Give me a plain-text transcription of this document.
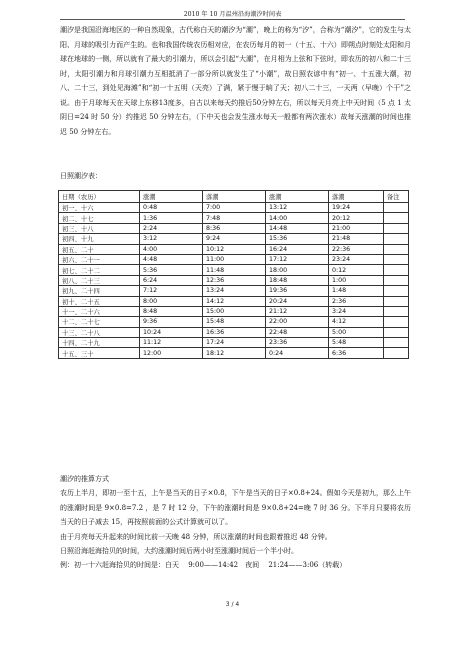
2010 年 10 月温州沿海潮汐时间表

潮汐是我国沿海地区的一种自然现象，古代称白天的潮汐为“潮”，晚上的称为“汐”，合称为“潮汐”，它的发生与太阳、月球的吸引力而产生的。也和我国传统农历相对应，在农历每月的初一（十五、十六）即朔点时刻处太阳和月球在地球的一侧，所以就有了最大的引潮力，所以会引起“大潮”，在月相为上弦和下弦时，即农历的初八和二十三时，太阳引潮力和月球引潮力互相抵消了一部分所以就发生了“小潮”，故日照农谚中有“初一、十五涨大潮，初八、二十三，到处见海滩”和“初一十五明（天亮）了满，紧于慢于晌了天；初八二十三，一天两（早晚）个干”之说。由于月球每天在天球上东移13度多，自古以来每天约推后50分钟左右，所以每天月亮上中天时间（5 点 1 太阴日=24 时 50 分）约推迟 50 分钟左右，（下中天也会发生涨水每天一般都有两次涨水）故每天涨潮的时间也推迟 50 分钟左右。

日照潮汐表：
日期（农历）	涨潮	落潮	涨潮	落潮	备注
初一、十六	0:48	7:00	13:12	19:24	
初二、十七	1:36	7:48	14:00	20:12	
初三、十八	2:24	8:36	14:48	21:00	
初四、十九	3:12	9:24	15:36	21:48	
初五、二十	4:00	10:12	16:24	22:36	
初六、二十一	4:48	11:00	17:12	23:24	
初七、二十二	5:36	11:48	18:00	0:12	
初八、二十三	6:24	12:36	18:48	1:00	
初九、二十四	7:12	13:24	19:36	1:48	
初十、二十五	8:00	14:12	20:24	2:36	
十一、二十六	8:48	15:00	21:12	3:24	
十二、二十七	9:36	15:48	22:00	4:12	
十三、二十八	10:24	16:36	22:48	5:00	
十四、二十九	11:12	17:24	23:36	5:48	
十五、三十	12:00	18:12	0:24	6:36	

潮汐的推算方式

农历上半月，即初一至十五，上午是当天的日子×0.8，下午是当天的日子×0.8+24。假如今天是初九，那么上午的涨潮时间是 9×0.8=7.2 ，是 7 时 12 分，下午的涨潮时间是 9×0.8+24=晚 7 时 36 分。下半月只要将农历当天的日子减去 15，再按照前面的公式计算就可以了。

由于月亮每天升起来的时间比前一天晚 48 分钟，所以涨潮的时间也跟着推迟 48 分钟。

日照沿海赶海拾贝的时间，大约涨潮时间后两小时至涨潮时间后一个半小时。

例：初一十六赶海拾贝的时间是：白天　 9:00——14:42　夜间　 21:24——3:06（转载）

3 / 4
